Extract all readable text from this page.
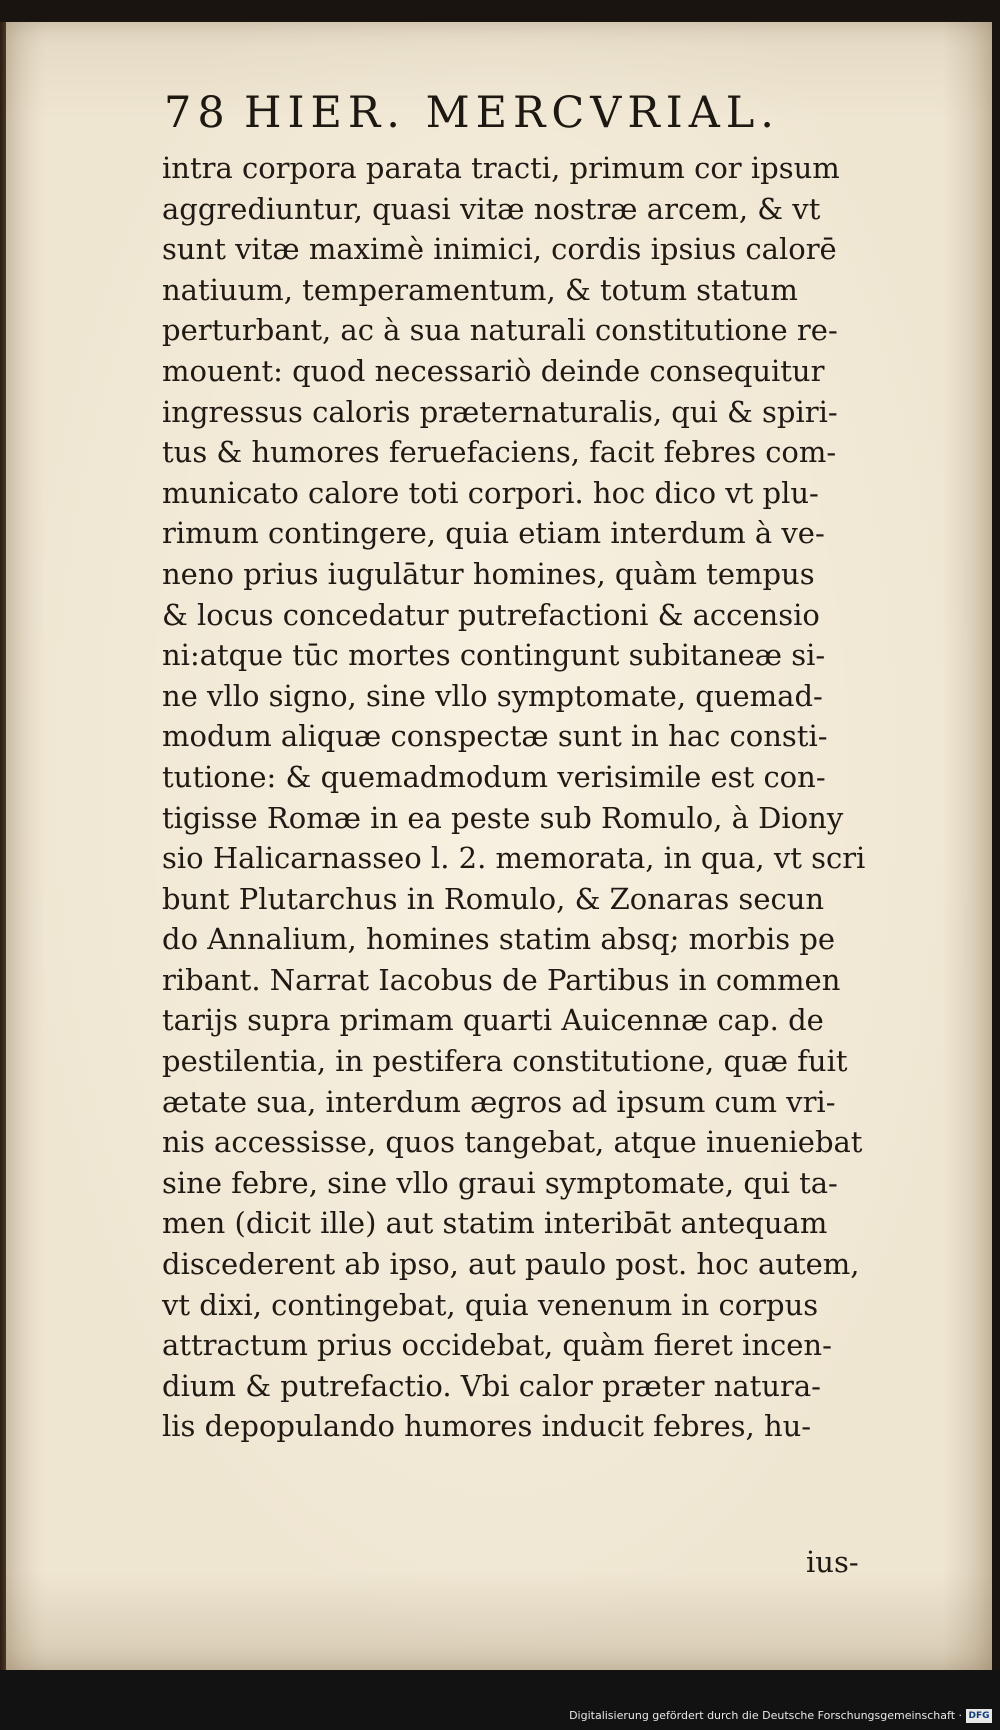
78 HIER. MERCVRIAL.
intra corpora parata tracti, primum cor ipsum
aggrediuntur, quasi vitæ nostræ arcem, & vt
sunt vitæ maximè inimici, cordis ipsius calorē
natiuum, temperamentum, & totum statum
perturbant, ac à sua naturali constitutione re-
mouent: quod necessariò deinde consequitur
ingressus caloris præternaturalis, qui & spiri-
tus & humores feruefaciens, facit febres com-
municato calore toti corpori. hoc dico vt plu-
rimum contingere, quia etiam interdum à ve-
neno prius iugulātur homines, quàm tempus
& locus concedatur putrefactioni & accensio
ni:atque tūc mortes contingunt subitaneæ si-
ne vllo signo, sine vllo symptomate, quemad-
modum aliquæ conspectæ sunt in hac consti-
tutione: & quemadmodum verisimile est con-
tigisse Romæ in ea peste sub Romulo, à Diony
sio Halicarnasseo l. 2. memorata, in qua, vt scri
bunt Plutarchus in Romulo, & Zonaras secun
do Annalium, homines statim absq; morbis pe
ribant. Narrat Iacobus de Partibus in commen
tarijs supra primam quarti Auicennæ cap. de
pestilentia, in pestifera constitutione, quæ fuit
ætate sua, interdum ægros ad ipsum cum vri-
nis accessisse, quos tangebat, atque inueniebat
sine febre, sine vllo graui symptomate, qui ta-
men (dicit ille) aut statim interibāt antequam
discederent ab ipso, aut paulo post. hoc autem,
vt dixi, contingebat, quia venenum in corpus
attractum prius occidebat, quàm fieret incen-
dium & putrefactio. Vbi calor præter natura-
lis depopulando humores inducit febres, hu-
ius-
Digitalisierung gefördert durch die Deutsche Forschungsgemeinschaft · DFG
